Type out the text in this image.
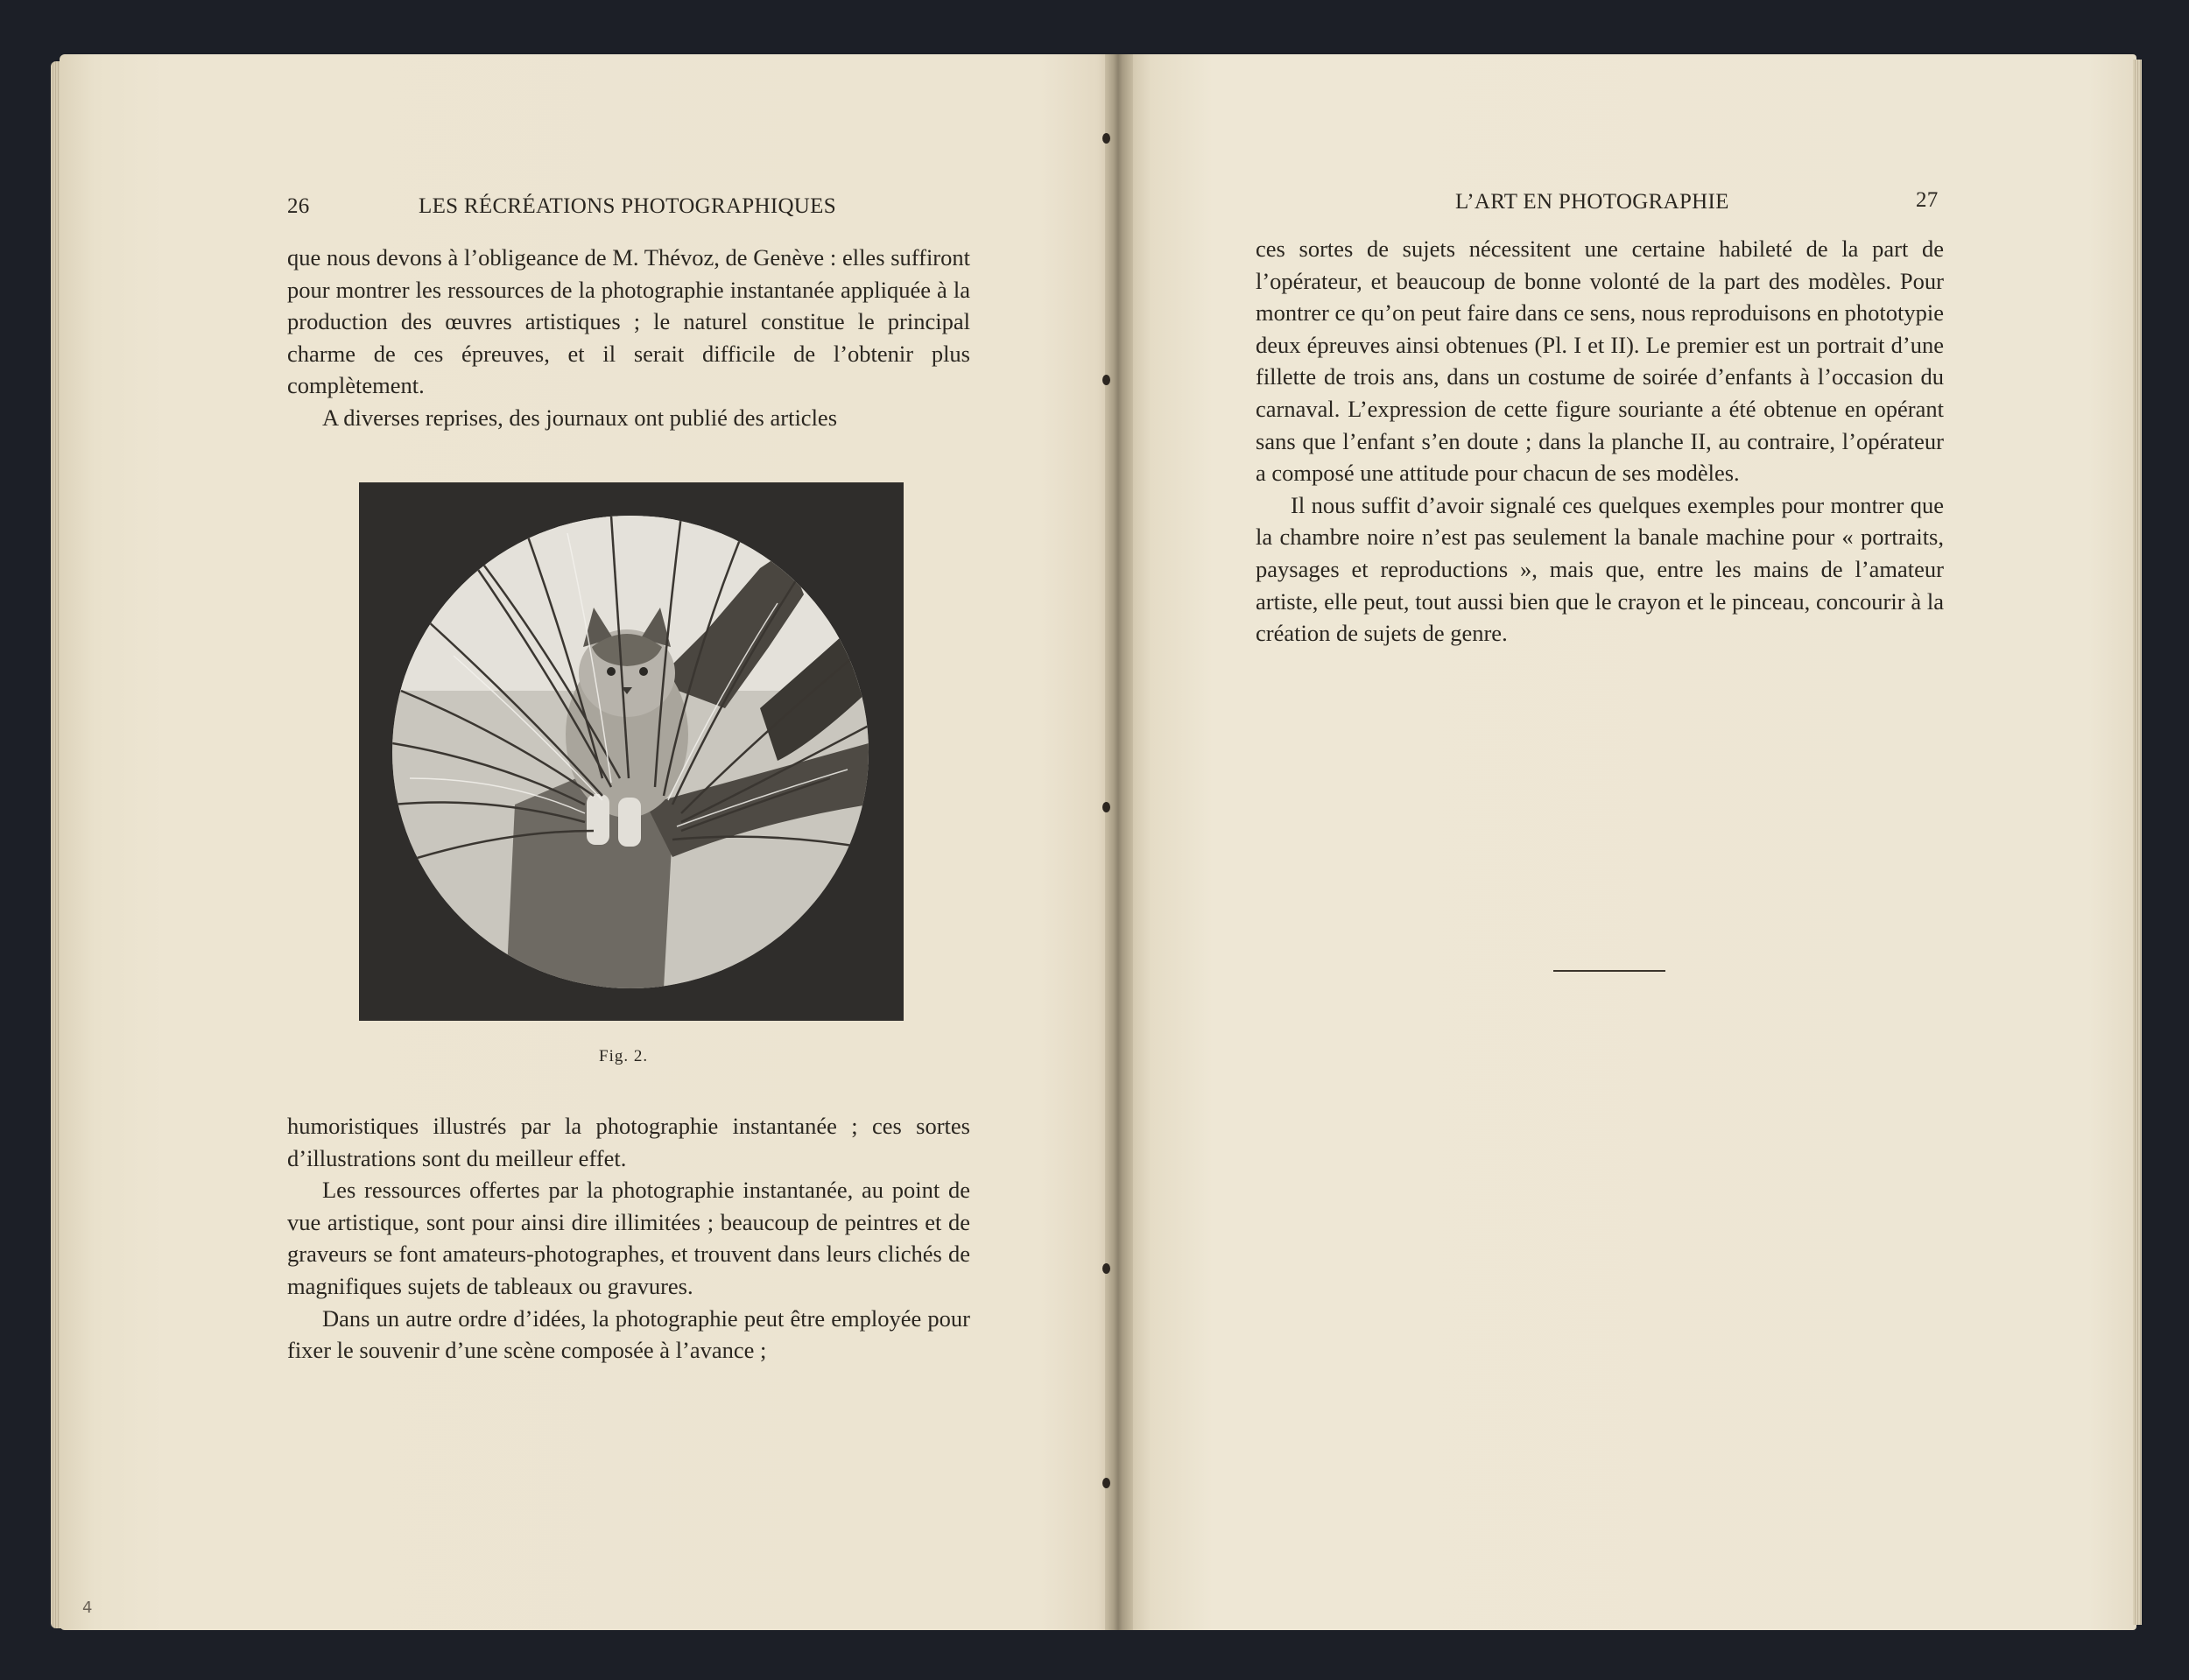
26	LES RÉCRÉATIONS PHOTOGRAPHIQUES

que nous devons à l’obligeance de M. Thévoz, de Genève : elles suffiront pour montrer les ressources de la photographie instantanée appliquée à la production des œuvres artistiques ; le naturel constitue le principal charme de ces épreuves, et il serait difficile de l’obtenir plus complètement.

A diverses reprises, des journaux ont publié des articles

Fig. 2.

humoristiques illustrés par la photographie instantanée ; ces sortes d’illustrations sont du meilleur effet.

Les ressources offertes par la photographie instantanée, au point de vue artistique, sont pour ainsi dire illimitées ; beaucoup de peintres et de graveurs se font amateurs-photographes, et trouvent dans leurs clichés de magnifiques sujets de tableaux ou gravures.

Dans un autre ordre d’idées, la photographie peut être employée pour fixer le souvenir d’une scène composée à l’avance ;

4
L’ART EN PHOTOGRAPHIE	27

ces sortes de sujets nécessitent une certaine habileté de la part de l’opérateur, et beaucoup de bonne volonté de la part des modèles. Pour montrer ce qu’on peut faire dans ce sens, nous reproduisons en phototypie deux épreuves ainsi obtenues (Pl. I et II). Le premier est un portrait d’une fillette de trois ans, dans un costume de soirée d’enfants à l’occasion du carnaval. L’expression de cette figure souriante a été obtenue en opérant sans que l’enfant s’en doute ; dans la planche II, au contraire, l’opérateur a composé une attitude pour chacun de ses modèles.

Il nous suffit d’avoir signalé ces quelques exemples pour montrer que la chambre noire n’est pas seulement la banale machine pour « portraits, paysages et reproductions », mais que, entre les mains de l’amateur artiste, elle peut, tout aussi bien que le crayon et le pinceau, concourir à la création de sujets de genre.
